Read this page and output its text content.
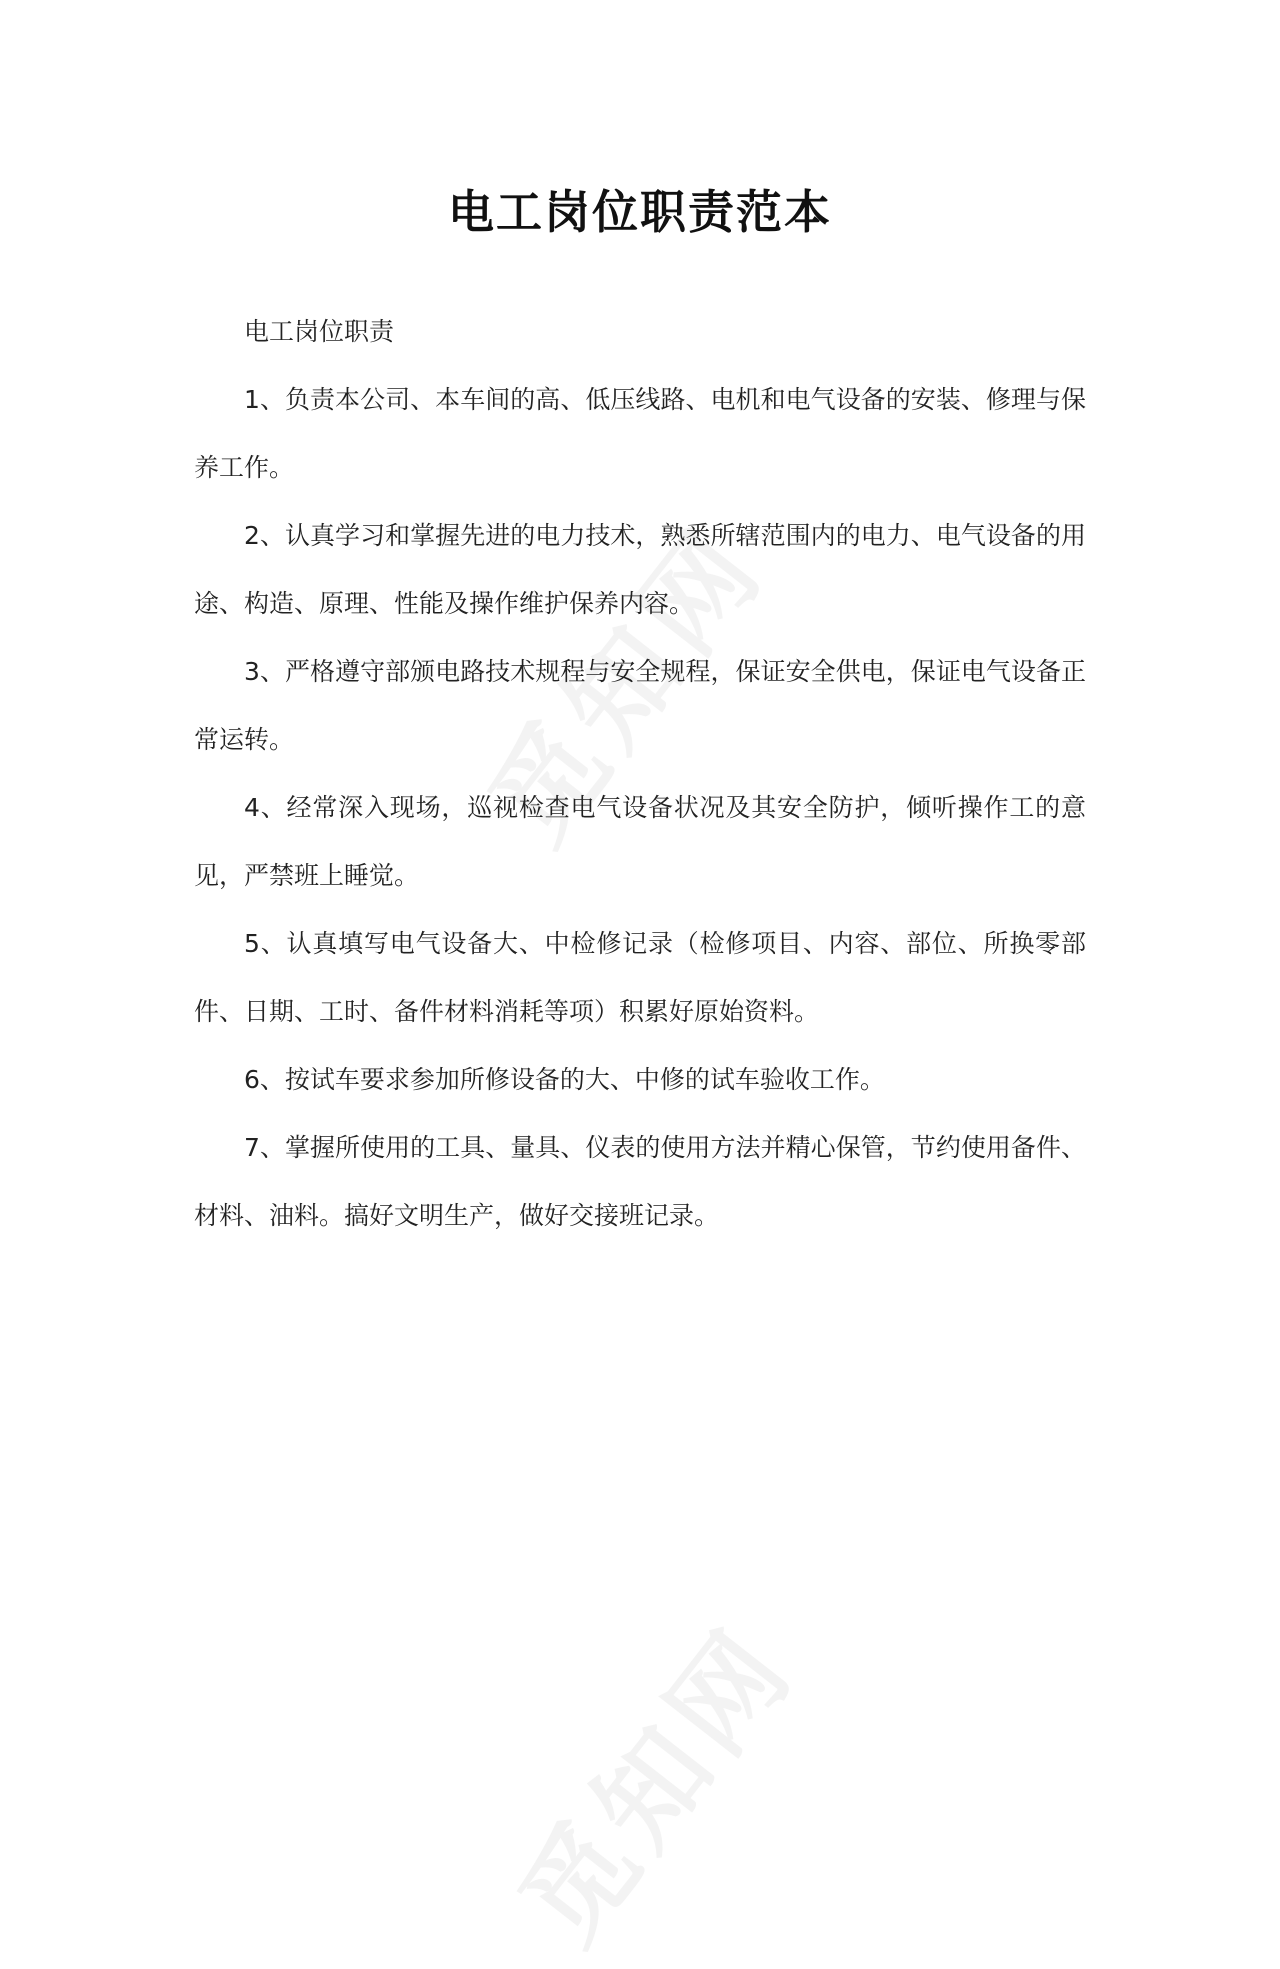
电工岗位职责范本

电工岗位职责

1、负责本公司、本车间的高、低压线路、电机和电气设备的安装、修理与保养工作。

2、认真学习和掌握先进的电力技术，熟悉所辖范围内的电力、电气设备的用途、构造、原理、性能及操作维护保养内容。

3、严格遵守部颁电路技术规程与安全规程，保证安全供电，保证电气设备正常运转。

4、经常深入现场，巡视检查电气设备状况及其安全防护，倾听操作工的意见，严禁班上睡觉。

5、认真填写电气设备大、中检修记录（检修项目、内容、部位、所换零部件、日期、工时、备件材料消耗等项）积累好原始资料。

6、按试车要求参加所修设备的大、中修的试车验收工作。

7、掌握所使用的工具、量具、仪表的使用方法并精心保管，节约使用备件、材料、油料。搞好文明生产，做好交接班记录。
